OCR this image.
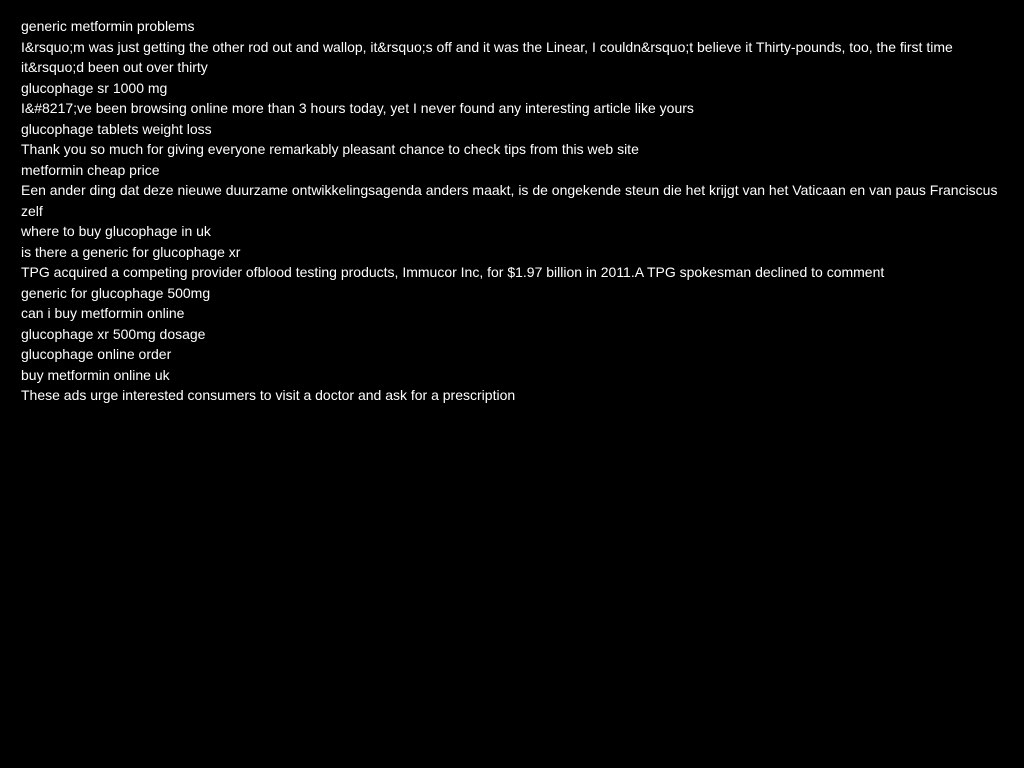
generic metformin problems
I&rsquo;m was just getting the other rod out and wallop, it&rsquo;s off and it was the Linear, I couldn&rsquo;t believe it Thirty-pounds, too, the first time it&rsquo;d been out over thirty
glucophage sr 1000 mg
I&#8217;ve been browsing online more than 3 hours today, yet I never found any interesting article like yours
glucophage tablets weight loss
Thank you so much for giving everyone remarkably pleasant chance to check tips from this web site
metformin cheap price
Een ander ding dat deze nieuwe duurzame ontwikkelingsagenda anders maakt, is de ongekende steun die het krijgt van het Vaticaan en van paus Franciscus zelf
where to buy glucophage in uk
is there a generic for glucophage xr
TPG acquired a competing provider ofblood testing products, Immucor Inc, for $1.97 billion in 2011.A TPG spokesman declined to comment
generic for glucophage 500mg
can i buy metformin online
glucophage xr 500mg dosage
glucophage online order
buy metformin online uk
These ads urge interested consumers to visit a doctor and ask for a prescription
